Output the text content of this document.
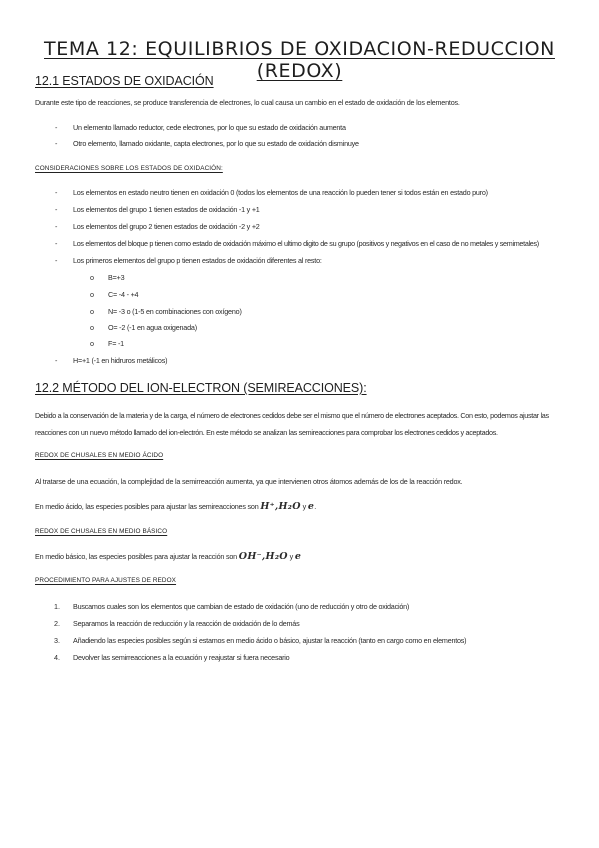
TEMA 12: EQUILIBRIOS DE OXIDACION-REDUCCION (REDOX)
12.1 ESTADOS DE OXIDACIÓN
Durante este tipo de reacciones, se produce transferencia de electrones, lo cual causa un cambio en el estado de oxidación de los elementos.
- Un elemento llamado reductor, cede electrones, por lo que su estado de oxidación aumenta
- Otro elemento, llamado oxidante, capta electrones, por lo que su estado de oxidación disminuye
CONSIDERACIONES SOBRE LOS ESTADOS DE OXIDACIÓN:
- Los elementos en estado neutro tienen en oxidación 0 (todos los elementos de una reacción lo pueden tener si todos están en estado puro)
- Los elementos del grupo 1 tienen estados de oxidación -1 y +1
- Los elementos del grupo 2 tienen estados de oxidación -2 y +2
- Los elementos del bloque p tienen como estado de oxidación máximo el ultimo digito de su grupo (positivos y negativos en el caso de no metales y semimetales)
- Los primeros elementos del grupo p tienen estados de oxidación diferentes al resto:
o B=+3
o C= -4 - +4
o N= -3 o (1-5 en combinaciones con oxígeno)
o O= -2 (-1 en agua oxigenada)
o F= -1
- H=+1 (-1 en hidruros metálicos)
12.2 MÉTODO DEL ION-ELECTRON (SEMIREACCIONES):
Debido a la conservación de la materia y de la carga, el número de electrones cedidos debe ser el mismo que el número de electrones aceptados. Con esto, podemos ajustar las
reacciones con un nuevo método llamado del ion-electrón. En este método se analizan las semireacciones para comprobar los electrones cedidos y aceptados.
REDOX DE CHUSALES EN MEDIO ÁCIDO
Al tratarse de una ecuación, la complejidad de la semirreacción aumenta, ya que intervienen otros átomos además de los de la reacción redox.
En medio ácido, las especies posibles para ajustar las semireacciones son H⁺,H₂O y e.
REDOX DE CHUSALES EN MEDIO BÁSICO
En medio básico, las especies posibles para ajustar la reacción son OH⁻,H₂O y e
PROCEDIMIENTO PARA AJUSTES DE REDOX
1. Buscamos cuales son los elementos que cambian de estado de oxidación (uno de reducción y otro de oxidación)
2. Separamos la reacción de reducción y la reacción de oxidación de lo demás
3. Añadiendo las especies posibles según si estamos en medio ácido o básico, ajustar la reacción (tanto en cargo como en elementos)
4. Devolver las semirreacciones a la ecuación y reajustar si fuera necesario
